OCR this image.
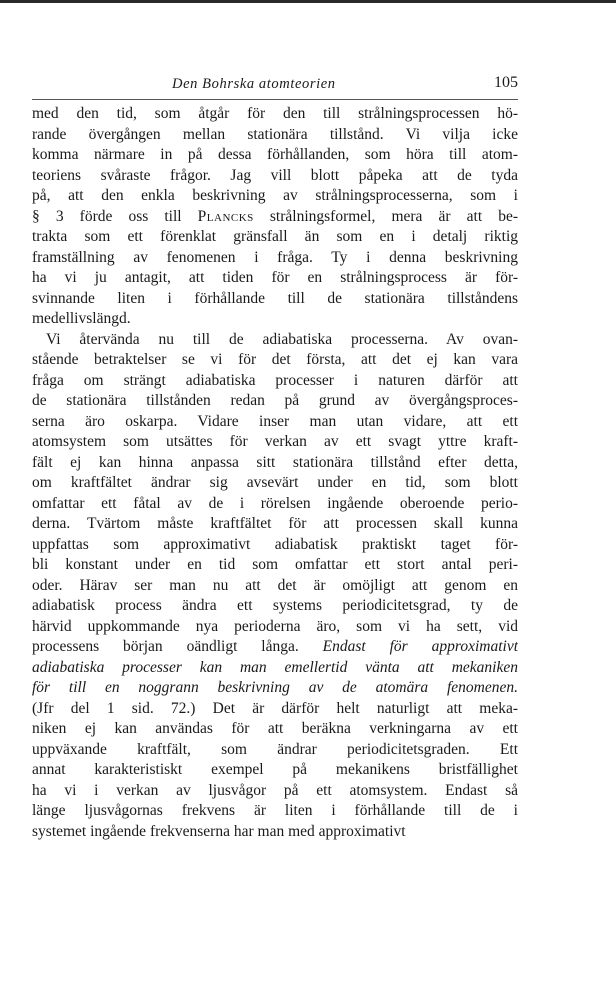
Den Bohrska atomteorien	105
med den tid, som åtgår för den till strålningsprocessen hö-
rande övergången mellan stationära tillstånd. Vi vilja icke
komma närmare in på dessa förhållanden, som höra till atom-
teoriens svåraste frågor. Jag vill blott påpeka att de tyda
på, att den enkla beskrivning av strålningsprocesserna, som i
§ 3 förde oss till Plancks strålningsformel, mera är att be-
trakta som ett förenklat gränsfall än som en i detalj riktig
framställning av fenomenen i fråga. Ty i denna beskrivning
ha vi ju antagit, att tiden för en strålningsprocess är för-
svinnande liten i förhållande till de stationära tillståndens
medellivslängd.
Vi återvända nu till de adiabatiska processerna. Av ovan-
stående betraktelser se vi för det första, att det ej kan vara
fråga om strängt adiabatiska processer i naturen därför att
de stationära tillstånden redan på grund av övergångsproces-
serna äro oskarpa. Vidare inser man utan vidare, att ett
atomsystem som utsättes för verkan av ett svagt yttre kraft-
fält ej kan hinna anpassa sitt stationära tillstånd efter detta,
om kraftfältet ändrar sig avsevärt under en tid, som blott
omfattar ett fåtal av de i rörelsen ingående oberoende perio-
derna. Tvärtom måste kraftfältet för att processen skall kunna
uppfattas som approximativt adiabatisk praktiskt taget för-
bli konstant under en tid som omfattar ett stort antal peri-
oder. Härav ser man nu att det är omöjligt att genom en
adiabatisk process ändra ett systems periodicitetsgrad, ty de
härvid uppkommande nya perioderna äro, som vi ha sett, vid
processens början oändligt långa. Endast för approximativt
adiabatiska processer kan man emellertid vänta att mekaniken
för till en noggrann beskrivning av de atomära fenomenen.
(Jfr del 1 sid. 72.) Det är därför helt naturligt att meka-
niken ej kan användas för att beräkna verkningarna av ett
uppväxande kraftfält, som ändrar periodicitetsgraden. Ett
annat karakteristiskt exempel på mekanikens bristfällighet
ha vi i verkan av ljusvågor på ett atomsystem. Endast så
länge ljusvågornas frekvens är liten i förhållande till de i
systemet ingående frekvenserna har man med approximativt
